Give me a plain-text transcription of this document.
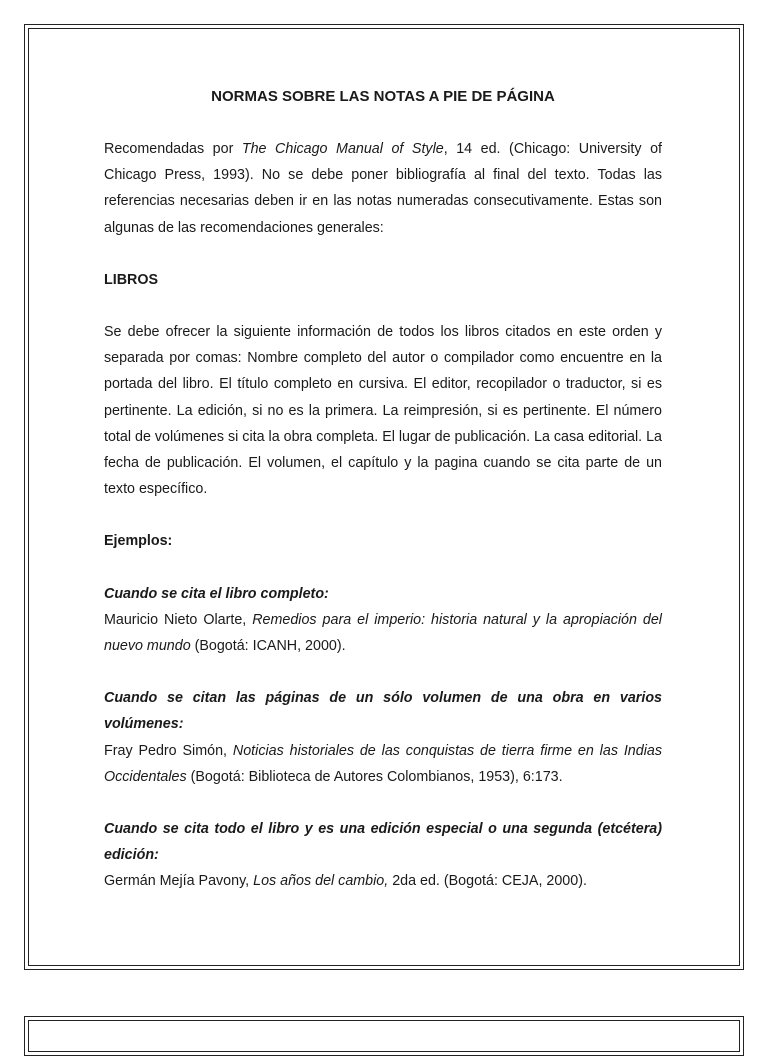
NORMAS SOBRE LAS NOTAS A PIE DE PÁGINA

Recomendadas por The Chicago Manual of Style, 14 ed. (Chicago: University of Chicago Press, 1993). No se debe poner bibliografía al final del texto. Todas las referencias necesarias deben ir en las notas numeradas consecutivamente. Estas son algunas de las recomendaciones generales:

LIBROS

Se debe ofrecer la siguiente información de todos los libros citados en este orden y separada por comas: Nombre completo del autor o compilador como encuentre en la portada del libro. El título completo en cursiva. El editor, recopilador o traductor, si es pertinente. La edición, si no es la primera. La reimpresión, si es pertinente. El número total de volúmenes si cita la obra completa. El lugar de publicación. La casa editorial. La fecha de publicación. El volumen, el capítulo y la pagina cuando se cita parte de un texto específico.

Ejemplos:

Cuando se cita el libro completo:

Mauricio Nieto Olarte, Remedios para el imperio: historia natural y la apropiación del nuevo mundo (Bogotá: ICANH, 2000).

Cuando se citan las páginas de un sólo volumen de una obra en varios volúmenes:

Fray Pedro Simón, Noticias historiales de las conquistas de tierra firme en las Indias Occidentales (Bogotá: Biblioteca de Autores Colombianos, 1953), 6:173.

Cuando se cita todo el libro y es una edición especial o una segunda (etcétera) edición:

Germán Mejía Pavony, Los años del cambio, 2da ed. (Bogotá: CEJA, 2000).
